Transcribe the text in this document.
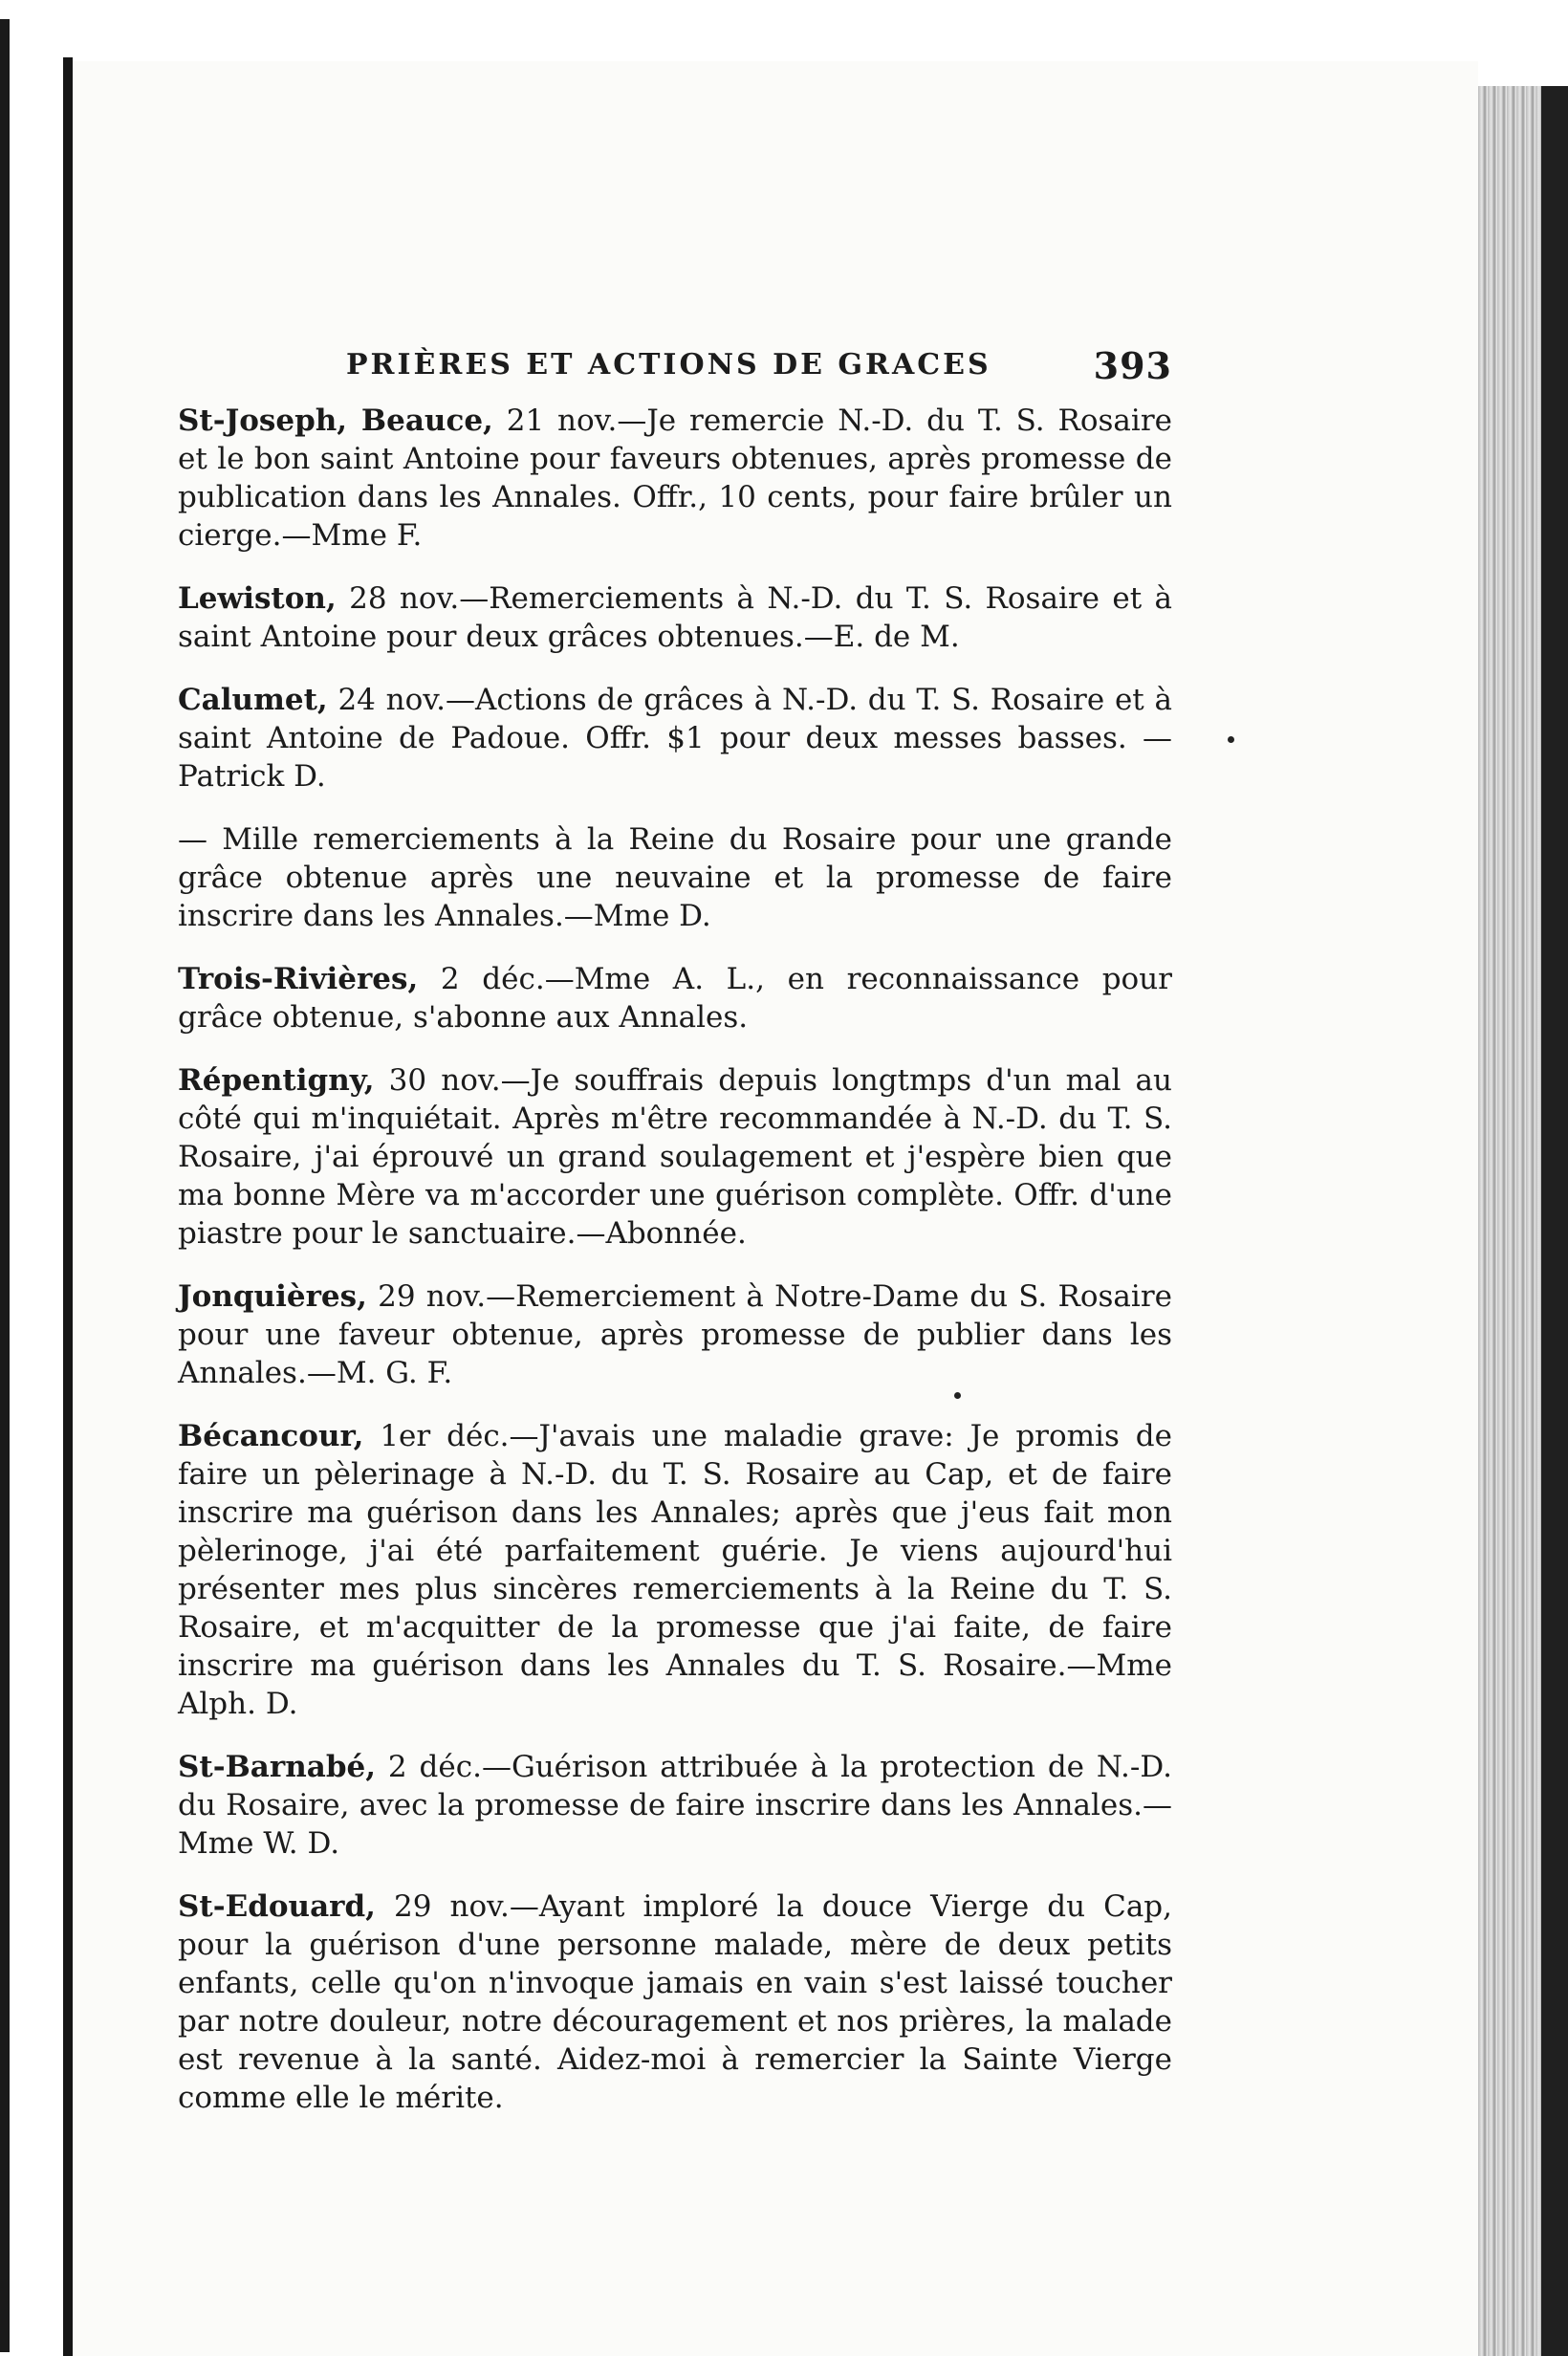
PRIÈRES ET ACTIONS DE GRACES	393

St-Joseph, Beauce, 21 nov.—Je remercie N.-D. du T. S. Rosaire et le bon saint Antoine pour faveurs obtenues, après promesse de publication dans les Annales. Offr., 10 cents, pour faire brûler un cierge.—Mme F.

Lewiston, 28 nov.—Remerciements à N.-D. du T. S. Rosaire et à saint Antoine pour deux grâces obtenues.—E. de M.

Calumet, 24 nov.—Actions de grâces à N.-D. du T. S. Rosaire et à saint Antoine de Padoue. Offr. $1 pour deux messes basses. — Patrick D.

— Mille remerciements à la Reine du Rosaire pour une grande grâce obtenue après une neuvaine et la promesse de faire inscrire dans les Annales.—Mme D.

Trois-Rivières, 2 déc.—Mme A. L., en reconnaissance pour grâce obtenue, s'abonne aux Annales.

Répentigny, 30 nov.—Je souffrais depuis longtmps d'un mal au côté qui m'inquiétait. Après m'être recommandée à N.-D. du T. S. Rosaire, j'ai éprouvé un grand soulagement et j'espère bien que ma bonne Mère va m'accorder une guérison complète. Offr. d'une piastre pour le sanctuaire.—Abonnée.

Jonquières, 29 nov.—Remerciement à Notre-Dame du S. Rosaire pour une faveur obtenue, après promesse de publier dans les Annales.—M. G. F.

Bécancour, 1er déc.—J'avais une maladie grave: Je promis de faire un pèlerinage à N.-D. du T. S. Rosaire au Cap, et de faire inscrire ma guérison dans les Annales; après que j'eus fait mon pèlerinoge, j'ai été parfaitement guérie. Je viens aujourd'hui présenter mes plus sincères remerciements à la Reine du T. S. Rosaire, et m'acquitter de la promesse que j'ai faite, de faire inscrire ma guérison dans les Annales du T. S. Rosaire.—Mme Alph. D.

St-Barnabé, 2 déc.—Guérison attribuée à la protection de N.-D. du Rosaire, avec la promesse de faire inscrire dans les Annales.—Mme W. D.

St-Edouard, 29 nov.—Ayant imploré la douce Vierge du Cap, pour la guérison d'une personne malade, mère de deux petits enfants, celle qu'on n'invoque jamais en vain s'est laissé toucher par notre douleur, notre découragement et nos prières, la malade est revenue à la santé. Aidez-moi à remercier la Sainte Vierge comme elle le mérite.
